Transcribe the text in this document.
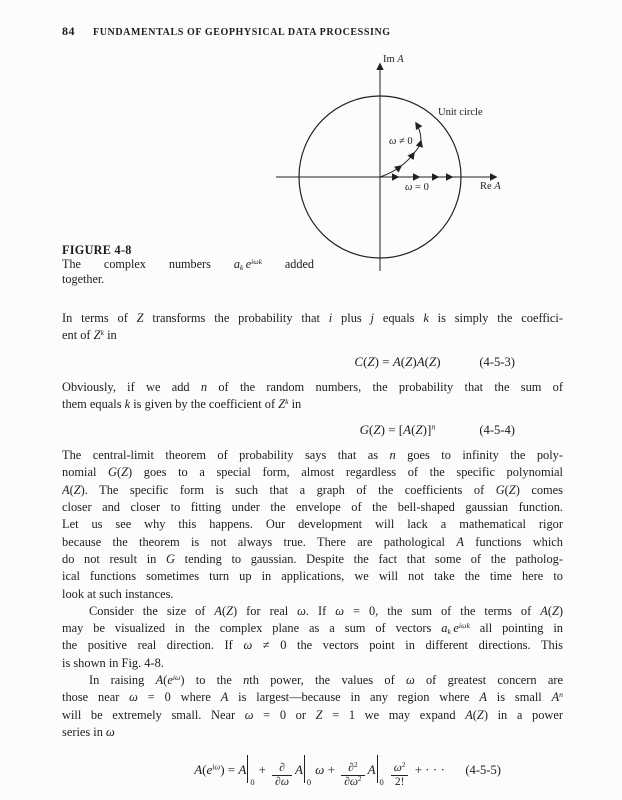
84 FUNDAMENTALS OF GEOPHYSICAL DATA PROCESSING
Im A
Re A
Unit circle
ω ≠ 0
ω = 0
FIGURE 4-8
The complex numbers $a_k$  $e^{i\omega k}$ added
together.
In terms of Z transforms the probability that i plus j equals k is simply the coeffici-
ent of $Z^k$ in
C(Z) = A(Z)A(Z)	(4-5-3)
Obviously, if we add n of the random numbers, the probability that the sum of
them equals k is given by the coefficient of $Z^k$ in
$G(Z) = [A(Z)]^n$	(4-5-4)
The central-limit theorem of probability says that as n goes to infinity the poly-
nomial G(Z) goes to a special form, almost regardless of the specific polynomial
A(Z). The specific form is such that a graph of the coefficients of G(Z) comes
closer and closer to fitting under the envelope of the bell-shaped gaussian function.
Let us see why this happens. Our development will lack a mathematical rigor
because the theorem is not always true. There are pathological A functions which
do not result in G tending to gaussian. Despite the fact that some of the patholog-
ical functions sometimes turn up in applications, we will not take the time here to
look at such instances.
Consider the size of A(Z) for real ω. If ω = 0, the sum of the terms of A(Z)
may be visualized in the complex plane as a sum of vectors $a_k$  $e^{i\omega k}$ all pointing in
the positive real direction. If ω ≠ 0 the vectors point in different directions. This
is shown in Fig. 4-8.
In raising $A(e^{i\omega})$ to the nth power, the values of ω of greatest concern are
those near ω = 0 where A is largest—because in any region where A is small $A^n$
will be extremely small. Near ω = 0 or Z = 1 we may expand A(Z) in a power
series in ω
$A(e^{i\omega}) = A$
0
+ ∂
∂ω
A
0
$\omega + \frac{\partial^2}{\partial\omega^2}$ A
0
$\frac{\omega^2}{2!}$ + · · · (4-5-5)
